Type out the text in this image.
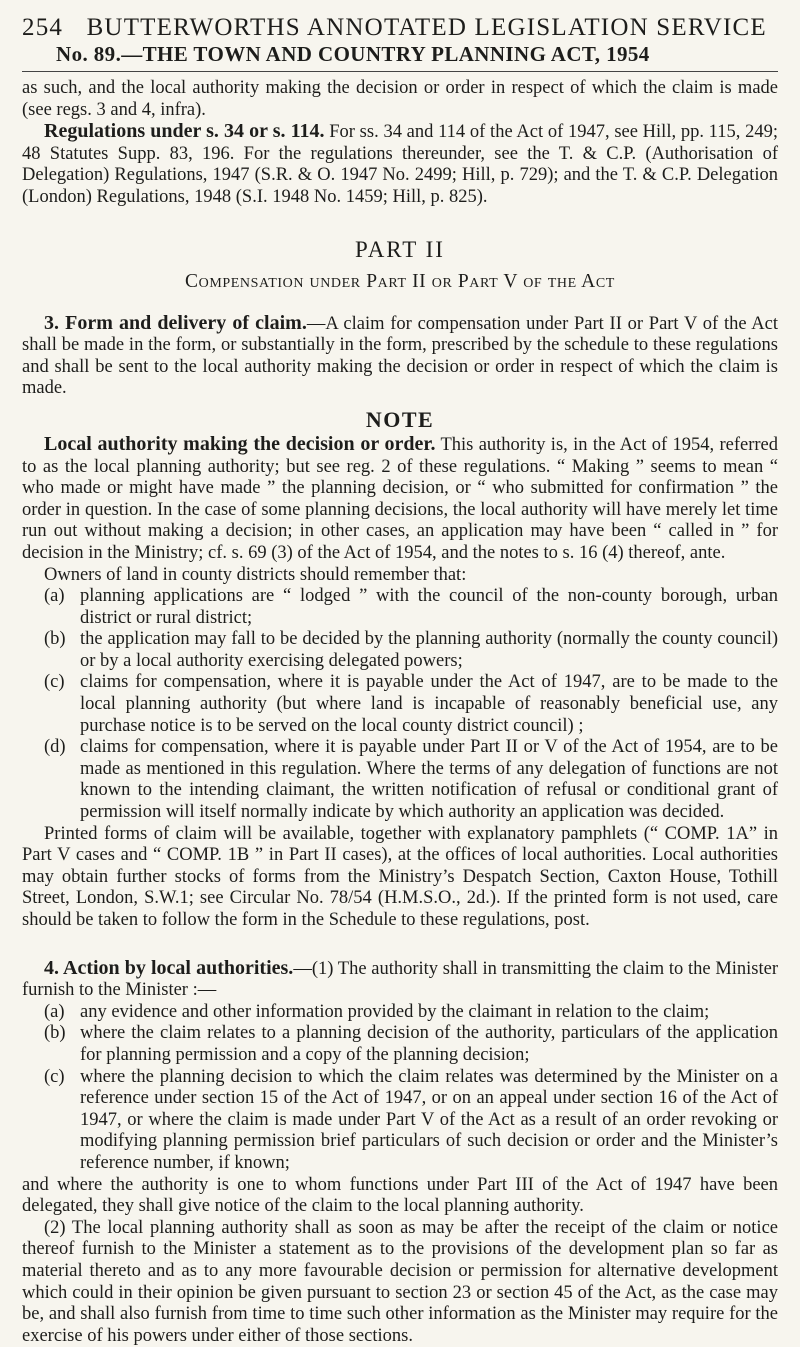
254 BUTTERWORTHS ANNOTATED LEGISLATION SERVICE
No. 89.—THE TOWN AND COUNTRY PLANNING ACT, 1954

as such, and the local authority making the decision or order in respect of which the claim is made (see regs. 3 and 4, infra).

Regulations under s. 34 or s. 114. For ss. 34 and 114 of the Act of 1947, see Hill, pp. 115, 249; 48 Statutes Supp. 83, 196. For the regulations thereunder, see the T. & C.P. (Authorisation of Delegation) Regulations, 1947 (S.R. & O. 1947 No. 2499; Hill, p. 729); and the T. & C.P. Delegation (London) Regulations, 1948 (S.I. 1948 No. 1459; Hill, p. 825).

PART II
Compensation under Part II or Part V of the Act

3. Form and delivery of claim.—A claim for compensation under Part II or Part V of the Act shall be made in the form, or substantially in the form, prescribed by the schedule to these regulations and shall be sent to the local authority making the decision or order in respect of which the claim is made.

NOTE

Local authority making the decision or order. This authority is, in the Act of 1954, referred to as the local planning authority; but see reg. 2 of these regulations. “ Making ” seems to mean “ who made or might have made ” the planning decision, or “ who submitted for confirmation ” the order in question. In the case of some planning decisions, the local authority will have merely let time run out without making a decision; in other cases, an application may have been “ called in ” for decision in the Ministry; cf. s. 69 (3) of the Act of 1954, and the notes to s. 16 (4) thereof, ante.

Owners of land in county districts should remember that:

(a) planning applications are “ lodged ” with the council of the non-county borough, urban district or rural district;
(b) the application may fall to be decided by the planning authority (normally the county council) or by a local authority exercising delegated powers;
(c) claims for compensation, where it is payable under the Act of 1947, are to be made to the local planning authority (but where land is incapable of reasonably beneficial use, any purchase notice is to be served on the local county district council) ;
(d) claims for compensation, where it is payable under Part II or V of the Act of 1954, are to be made as mentioned in this regulation. Where the terms of any delegation of functions are not known to the intending claimant, the written notification of refusal or conditional grant of permission will itself normally indicate by which authority an application was decided.

Printed forms of claim will be available, together with explanatory pamphlets (“ COMP. 1A” in Part V cases and “ COMP. 1B ” in Part II cases), at the offices of local authorities. Local authorities may obtain further stocks of forms from the Ministry’s Despatch Section, Caxton House, Tothill Street, London, S.W.1; see Circular No. 78/54 (H.M.S.O., 2d.). If the printed form is not used, care should be taken to follow the form in the Schedule to these regulations, post.

4. Action by local authorities.—(1) The authority shall in transmitting the claim to the Minister furnish to the Minister :—

(a) any evidence and other information provided by the claimant in relation to the claim;
(b) where the claim relates to a planning decision of the authority, particulars of the application for planning permission and a copy of the planning decision;
(c) where the planning decision to which the claim relates was determined by the Minister on a reference under section 15 of the Act of 1947, or on an appeal under section 16 of the Act of 1947, or where the claim is made under Part V of the Act as a result of an order revoking or modifying planning permission brief particulars of such decision or order and the Minister’s reference number, if known;

and where the authority is one to whom functions under Part III of the Act of 1947 have been delegated, they shall give notice of the claim to the local planning authority.

(2) The local planning authority shall as soon as may be after the receipt of the claim or notice thereof furnish to the Minister a statement as to the provisions of the development plan so far as material thereto and as to any more favourable decision or permission for alternative development which could in their opinion be given pursuant to section 23 or section 45 of the Act, as the case may be, and shall also furnish from time to time such other information as the Minister may require for the exercise of his powers under either of those sections.
